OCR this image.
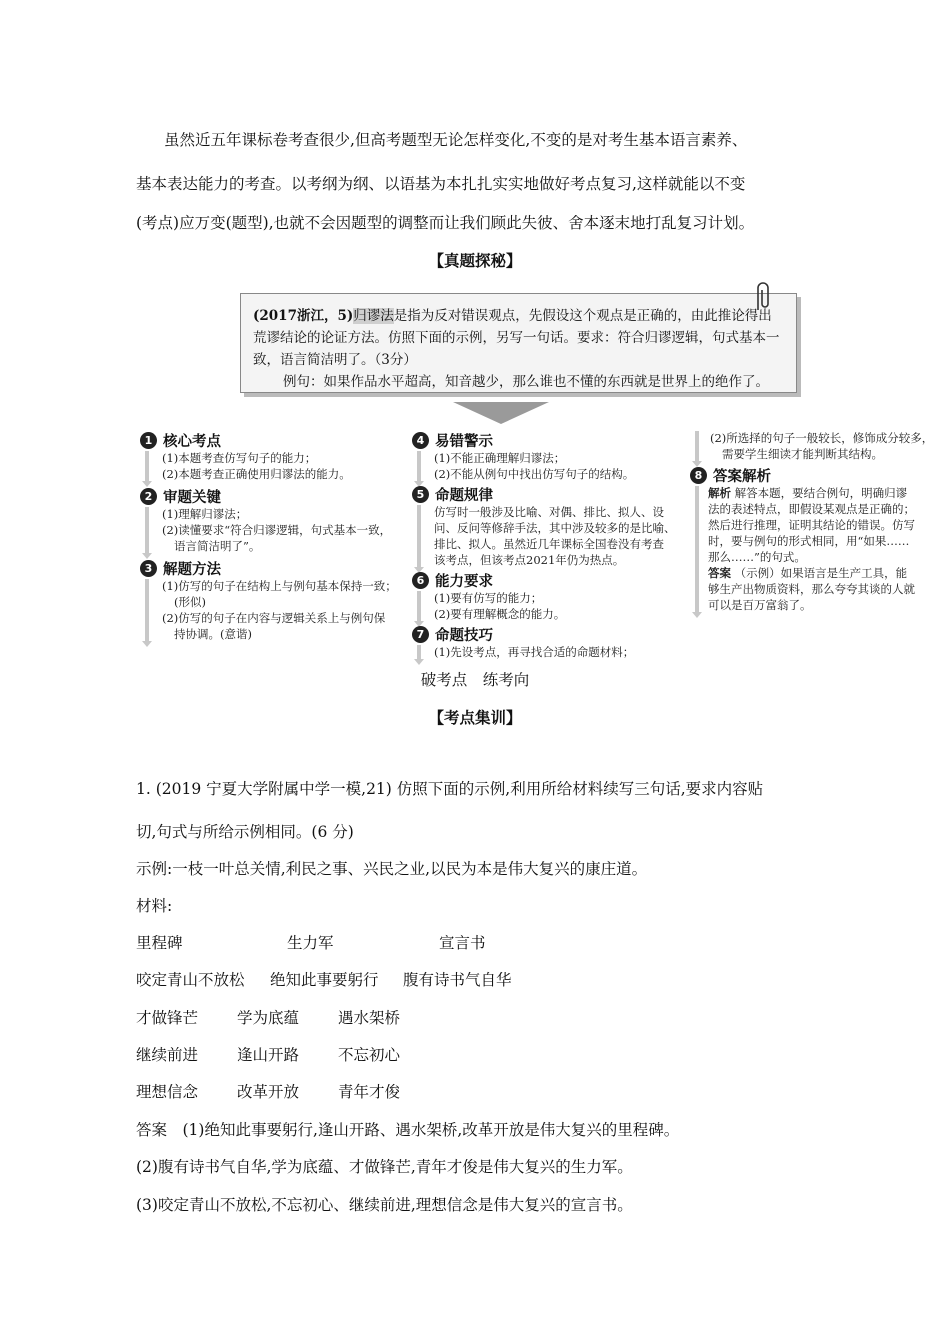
虽然近五年课标卷考查很少,但高考题型无论怎样变化,不变的是对考生基本语言素养、
基本表达能力的考查。以考纲为纲、以语基为本扎扎实实地做好考点复习,这样就能以不变
(考点)应万变(题型),也就不会因题型的调整而让我们顾此失彼、舍本逐末地打乱复习计划。
【真题探秘】
(2017浙江，5)归谬法是指为反对错误观点，先假设这个观点是正确的，由此推论得出
荒谬结论的论证方法。仿照下面的示例，另写一句话。要求：符合归谬逻辑，句式基本一
致，语言简洁明了。（3分）
例句：如果作品水平超高，知音越少，那么谁也不懂的东西就是世界上的绝作了。
1 核心考点
(1)本题考查仿写句子的能力；
(2)本题考查正确使用归谬法的能力。
2 审题关键
(1)理解归谬法；
(2)读懂要求“符合归谬逻辑，句式基本一致，
语言简洁明了”。
3 解题方法
(1)仿写的句子在结构上与例句基本保持一致；
(形似)
(2)仿写的句子在内容与逻辑关系上与例句保
持协调。(意谐)
4 易错警示
(1)不能正确理解归谬法；
(2)不能从例句中找出仿写句子的结构。
5 命题规律
仿写时一般涉及比喻、对偶、排比、拟人、设
问、反问等修辞手法，其中涉及较多的是比喻、
排比、拟人。虽然近几年课标全国卷没有考查
该考点，但该考点2021年仍为热点。
6 能力要求
(1)要有仿写的能力；
(2)要有理解概念的能力。
7 命题技巧
(1)先设考点，再寻找合适的命题材料；
(2)所选择的句子一般较长，修饰成分较多，
需要学生细读才能判断其结构。
8 答案解析
解析 解答本题，要结合例句，明确归谬
法的表述特点，即假设某观点是正确的；
然后进行推理，证明其结论的错误。仿写
时，要与例句的形式相同，用“如果……
那么……”的句式。
答案 （示例）如果语言是生产工具，能
够生产出物质资料，那么夸夸其谈的人就
可以是百万富翁了。
破考点　练考向
【考点集训】
1. (2019 宁夏大学附属中学一模,21) 仿照下面的示例,利用所给材料续写三句话,要求内容贴
切,句式与所给示例相同。(6 分)
示例:一枝一叶总关情,利民之事、兴民之业,以民为本是伟大复兴的康庄道。
材料:
里程碑	生力军	宣言书
咬定青山不放松 绝知此事要躬行 腹有诗书气自华
才做锋芒	学为底蕴	遇水架桥
继续前进	逢山开路	不忘初心
理想信念	改革开放	青年才俊
答案　(1)绝知此事要躬行,逢山开路、遇水架桥,改革开放是伟大复兴的里程碑。
(2)腹有诗书气自华,学为底蕴、才做锋芒,青年才俊是伟大复兴的生力军。
(3)咬定青山不放松,不忘初心、继续前进,理想信念是伟大复兴的宣言书。
